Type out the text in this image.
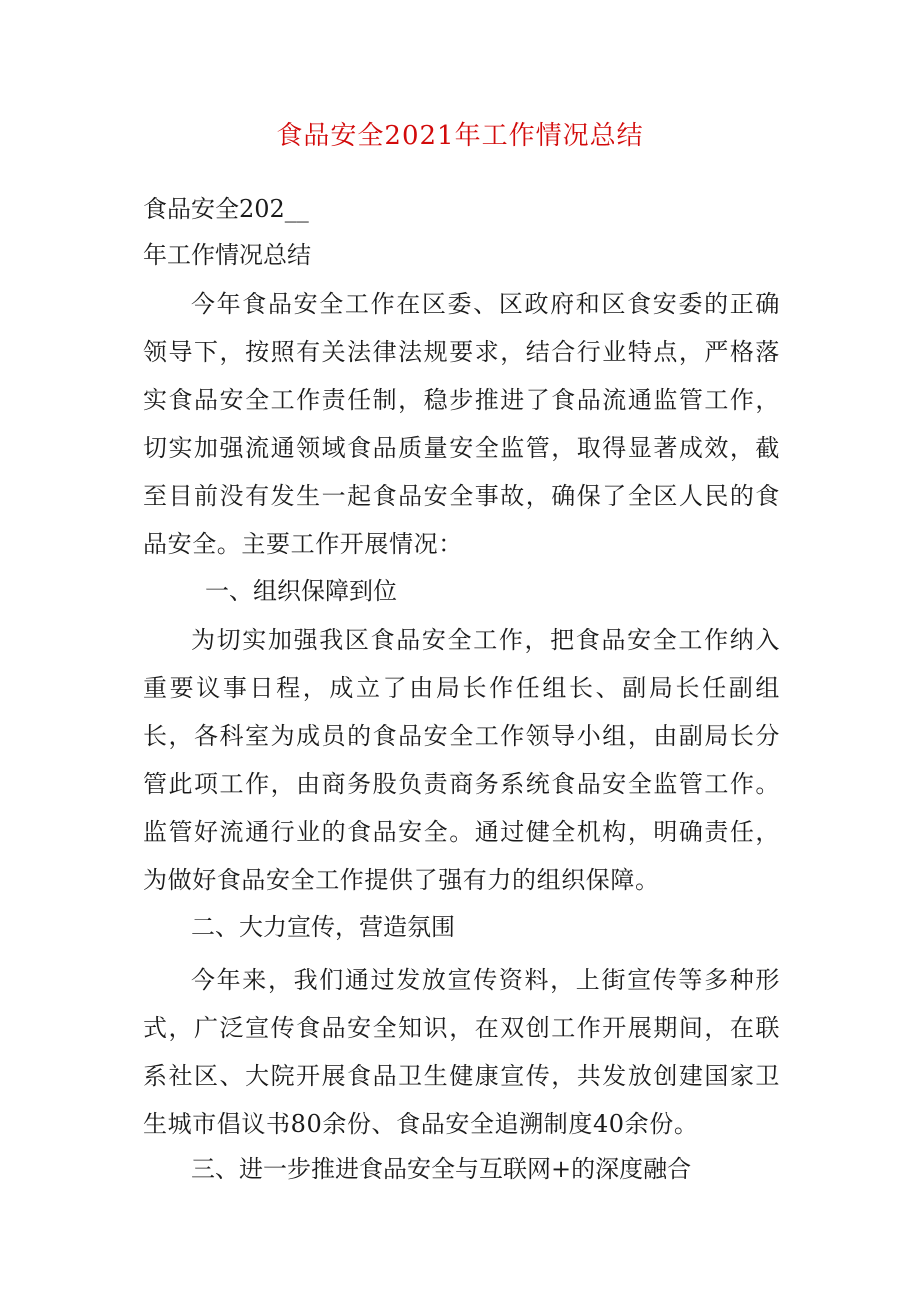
食品安全2021年工作情况总结
食品安全202__
年工作情况总结
今年食品安全工作在区委、区政府和区食安委的正确领导下，按照有关法律法规要求，结合行业特点，严格落实食品安全工作责任制，稳步推进了食品流通监管工作，切实加强流通领域食品质量安全监管，取得显著成效，截至目前没有发生一起食品安全事故，确保了全区人民的食品安全。主要工作开展情况：
一、组织保障到位
为切实加强我区食品安全工作，把食品安全工作纳入重要议事日程，成立了由局长作任组长、副局长任副组长，各科室为成员的食品安全工作领导小组，由副局长分管此项工作，由商务股负责商务系统食品安全监管工作。监管好流通行业的食品安全。通过健全机构，明确责任，为做好食品安全工作提供了强有力的组织保障。
二、大力宣传，营造氛围
今年来，我们通过发放宣传资料，上街宣传等多种形式，广泛宣传食品安全知识，在双创工作开展期间，在联系社区、大院开展食品卫生健康宣传，共发放创建国家卫生城市倡议书80余份、食品安全追溯制度40余份。
三、进一步推进食品安全与互联网+的深度融合
